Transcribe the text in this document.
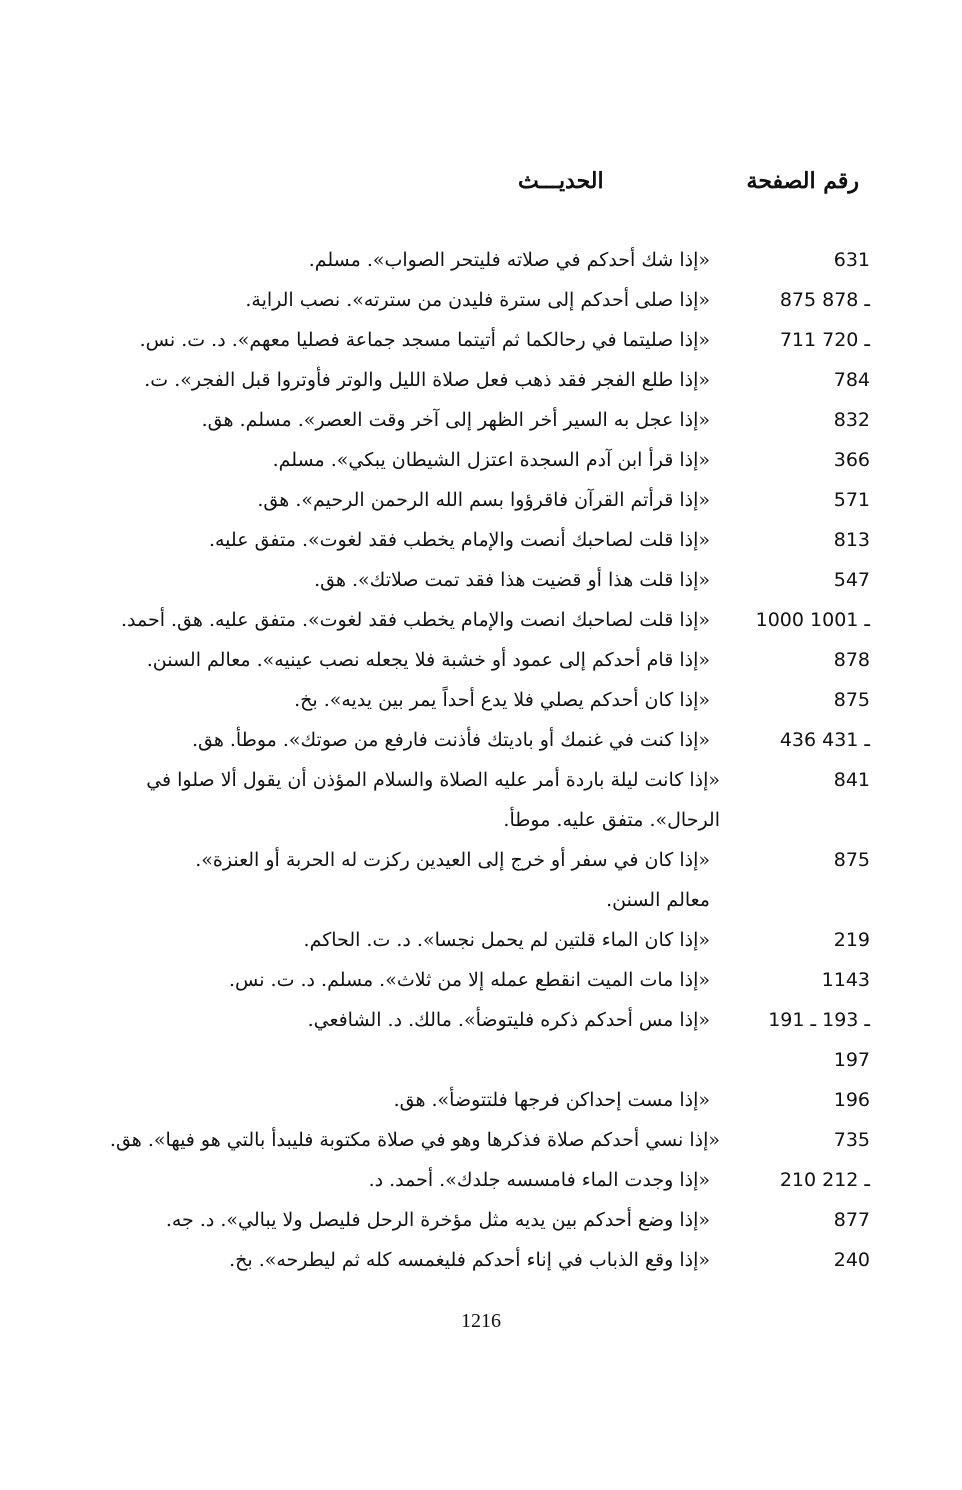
رقم الصفحة
الحديـــث
631
«إذا شك أحدكم في صلاته فليتحر الصواب». مسلم.
875 ـ 878
«إذا صلى أحدكم إلى سترة فليدن من سترته». نصب الراية.
711 ـ 720
«إذا صليتما في رحالكما ثم أتيتما مسجد جماعة فصليا معهم». د. ت. نس.
784
«إذا طلع الفجر فقد ذهب فعل صلاة الليل والوتر فأوتروا قبل الفجر». ت.
832
«إذا عجل به السير أخر الظهر إلى آخر وقت العصر». مسلم. هق.
366
«إذا قرأ ابن آدم السجدة اعتزل الشيطان يبكي». مسلم.
571
«إذا قرأتم القرآن فاقرؤوا بسم الله الرحمن الرحيم». هق.
813
«إذا قلت لصاحبك أنصت والإمام يخطب فقد لغوت». متفق عليه.
547
«إذا قلت هذا أو قضيت هذا فقد تمت صلاتك». هق.
1000 ـ 1001
«إذا قلت لصاحبك انصت والإمام يخطب فقد لغوت». متفق عليه. هق. أحمد.
878
«إذا قام أحدكم إلى عمود أو خشبة فلا يجعله نصب عينيه». معالم السنن.
875
«إذا كان أحدكم يصلي فلا يدع أحداً يمر بين يديه». بخ.
436 ـ 431
«إذا كنت في غنمك أو باديتك فأذنت فارفع من صوتك». موطأ. هق.
841
«إذا كانت ليلة باردة أمر عليه الصلاة والسلام المؤذن أن يقول ألا صلوا في الرحال». متفق عليه. موطأ.
875
«إذا كان في سفر أو خرج إلى العيدين ركزت له الحربة أو العنزة». معالم السنن.
219
«إذا كان الماء قلتين لم يحمل نجسا». د. ت. الحاكم.
1143
«إذا مات الميت انقطع عمله إلا من ثلاث». مسلم. د. ت. نس.
191 ـ 193 ـ
197
«إذا مس أحدكم ذكره فليتوضأ». مالك. د. الشافعي.
196
«إذا مست إحداكن فرجها فلتتوضأ». هق.
735
«إذا نسي أحدكم صلاة فذكرها وهو في صلاة مكتوبة فليبدأ بالتي هو فيها». هق.
210 ـ 212
«إذا وجدت الماء فامسسه جلدك». أحمد. د.
877
«إذا وضع أحدكم بين يديه مثل مؤخرة الرحل فليصل ولا يبالي». د. جه.
240
«إذا وقع الذباب في إناء أحدكم فليغمسه كله ثم ليطرحه». بخ.
1216
